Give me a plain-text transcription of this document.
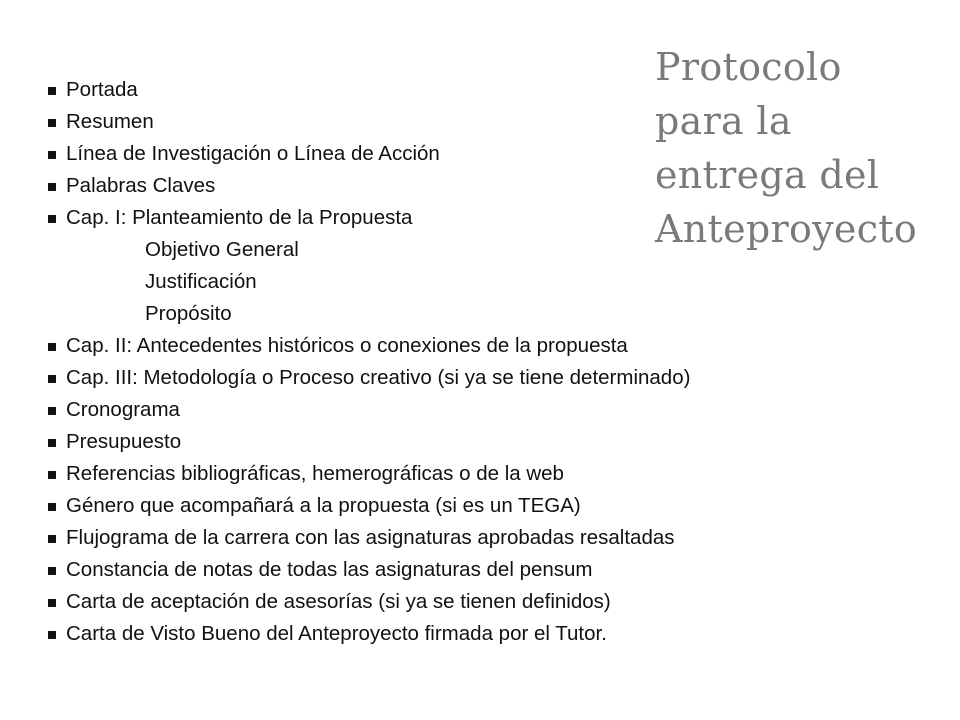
Protocolo
para la
entrega del
Anteproyecto
Portada
Resumen
Línea de Investigación o Línea de Acción
Palabras Claves
Cap. I: Planteamiento de la Propuesta
Objetivo General
Justificación
Propósito
Cap. II: Antecedentes históricos o conexiones de la propuesta
Cap. III: Metodología o Proceso creativo (si ya se tiene determinado)
Cronograma
Presupuesto
Referencias bibliográficas, hemerográficas o de la web
Género que acompañará a la propuesta (si es un TEGA)
Flujograma de la carrera con las asignaturas aprobadas resaltadas
Constancia de notas de todas las asignaturas del pensum
Carta de aceptación de asesorías (si ya se tienen definidos)
Carta de Visto Bueno del Anteproyecto firmada por el Tutor.
